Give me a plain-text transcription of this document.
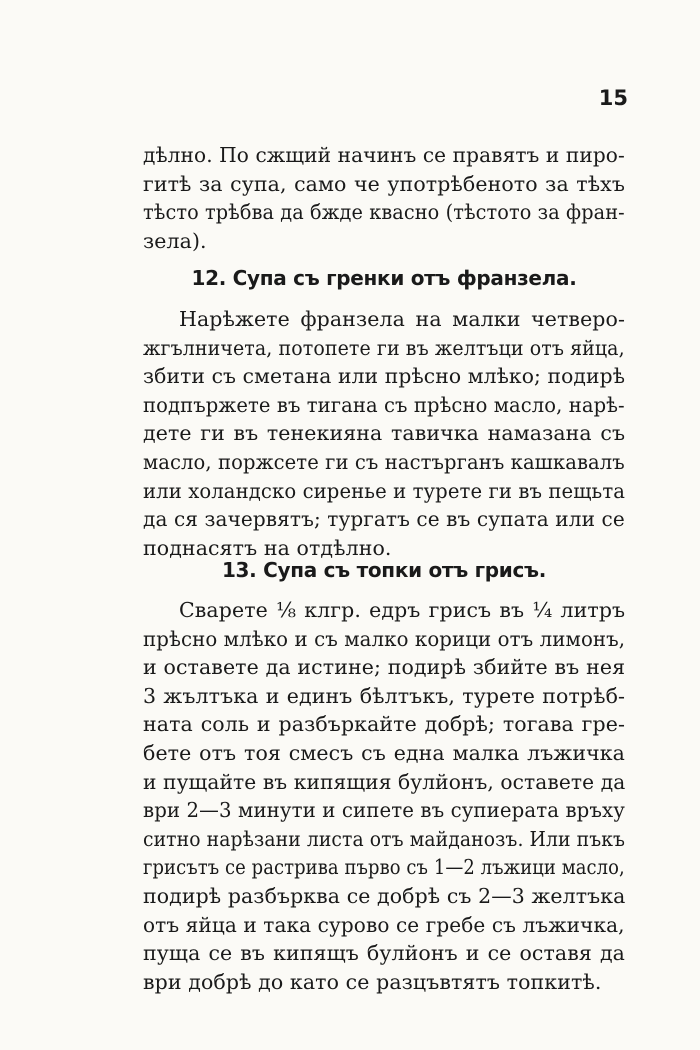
15
дѣлно. По сжщий начинъ се правятъ и пиро-
гитѣ за супа, само че употрѣбеното за тѣхъ
тѣсто трѣбва да бжде квасно (тѣстото за фран-
зела).
12. Супа съ гренки отъ франзела.
Нарѣжете франзела на малки четверо-
жгълничета, потопете ги въ желтъци отъ яйца,
збити съ сметана или прѣсно млѣко; подирѣ
подпържете въ тигана съ прѣсно масло, нарѣ-
дете ги въ тенекияна тавичка намазана съ
масло, поржсете ги съ настърганъ кашкавалъ
или холандско сиренье и турете ги въ пещьта
да ся зачервятъ; тургатъ се въ супата или се
поднасятъ на отдѣлно.
13. Супа съ топки отъ грисъ.
Сварете ⅛ клгр. едръ грисъ въ ¼ литръ
прѣсно млѣко и съ малко корици отъ лимонъ,
и оставете да истине; подирѣ збийте въ нея
3 жълтъка и единъ бѣлтъкъ, турете потрѣб-
ната соль и разбъркайте добрѣ; тогава гре-
бете отъ тоя смесъ съ една малка лъжичка
и пущайте въ кипящия булйонъ, оставете да
ври 2—3 минути и сипете въ супиерата връху
ситно нарѣзани листа отъ майданозъ. Или пъкъ
грисътъ се растрива първо съ 1—2 лъжици масло,
подирѣ разбърква се добрѣ съ 2—3 желтъка
отъ яйца и така сурово се гребе съ лъжичка,
пуща се въ кипящъ булйонъ и се оставя да
ври добрѣ до като се разцъвтятъ топкитѣ.
